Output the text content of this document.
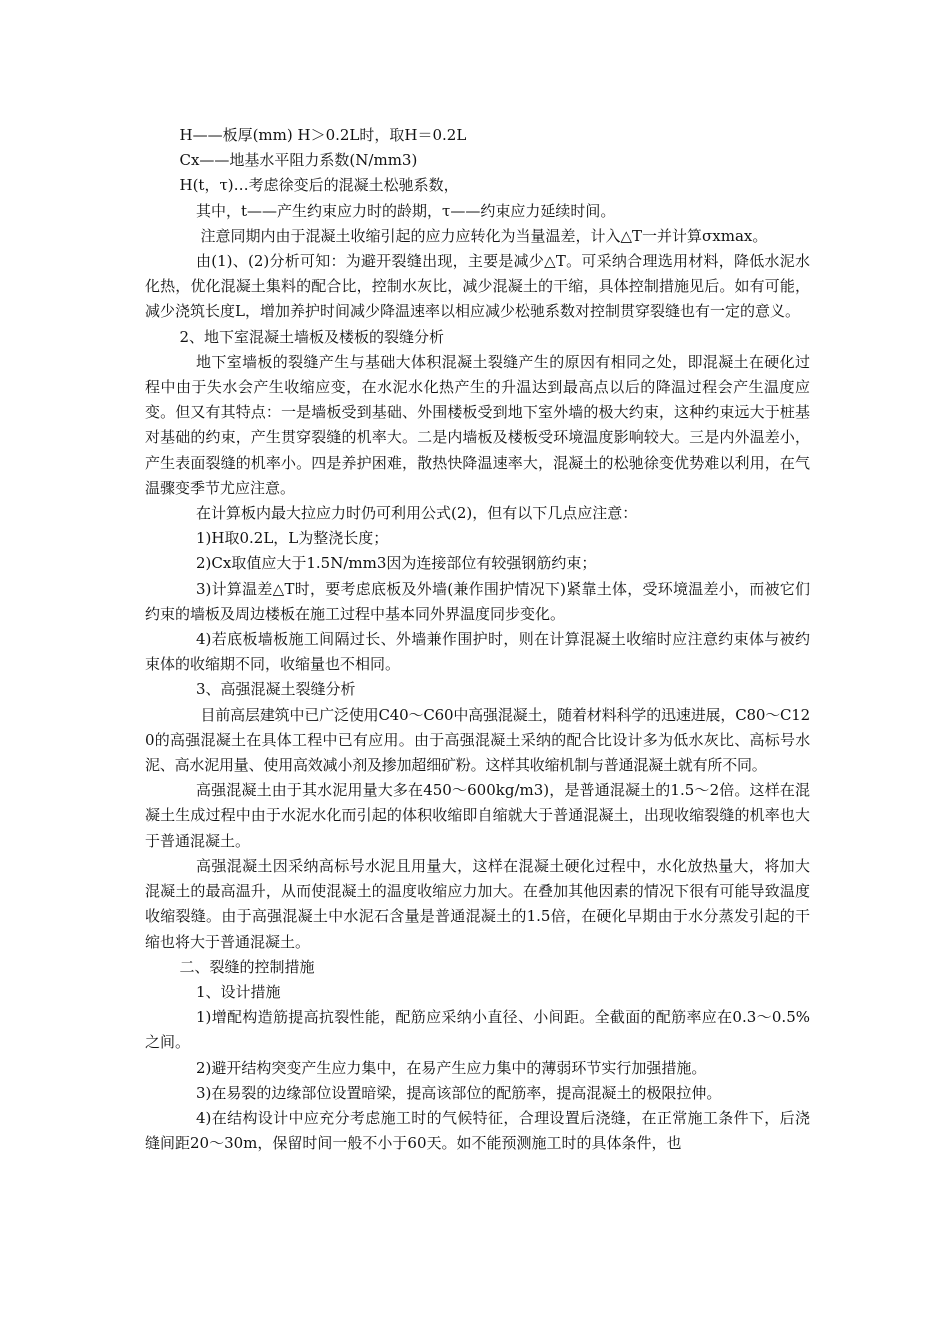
H——板厚(mm) H＞0.2L时，取H＝0.2L

Cx——地基水平阻力系数(N/mm3)

H(t，τ)…考虑徐变后的混凝土松驰系数，

其中，t——产生约束应力时的龄期，τ——约束应力延续时间。

注意同期内由于混凝土收缩引起的应力应转化为当量温差，计入△T一并计算σxmax。

由(1)、(2)分析可知：为避开裂缝出现，主要是减少△T。可采纳合理选用材料，降低水泥水化热，优化混凝土集料的配合比，控制水灰比，减少混凝土的干缩，具体控制措施见后。如有可能，减少浇筑长度L，增加养护时间减少降温速率以相应减少松驰系数对控制贯穿裂缝也有一定的意义。

2、地下室混凝土墙板及楼板的裂缝分析

地下室墙板的裂缝产生与基础大体积混凝土裂缝产生的原因有相同之处，即混凝土在硬化过程中由于失水会产生收缩应变，在水泥水化热产生的升温达到最高点以后的降温过程会产生温度应变。但又有其特点：一是墙板受到基础、外围楼板受到地下室外墙的极大约束，这种约束远大于桩基对基础的约束，产生贯穿裂缝的机率大。二是内墙板及楼板受环境温度影响较大。三是内外温差小，产生表面裂缝的机率小。四是养护困难，散热快降温速率大，混凝土的松驰徐变优势难以利用，在气温骤变季节尤应注意。

在计算板内最大拉应力时仍可利用公式(2)，但有以下几点应注意：

1)H取0.2L，L为整浇长度；

2)Cx取值应大于1.5N/mm3因为连接部位有较强钢筋约束；

3)计算温差△T时，要考虑底板及外墙(兼作围护情况下)紧靠土体，受环境温差小，而被它们约束的墙板及周边楼板在施工过程中基本同外界温度同步变化。

4)若底板墙板施工间隔过长、外墙兼作围护时，则在计算混凝土收缩时应注意约束体与被约束体的收缩期不同，收缩量也不相同。

3、高强混凝土裂缝分析

目前高层建筑中已广泛使用C40～C60中高强混凝土，随着材料科学的迅速进展，C80～C120的高强混凝土在具体工程中已有应用。由于高强混凝土采纳的配合比设计多为低水灰比、高标号水泥、高水泥用量、使用高效减小剂及掺加超细矿粉。这样其收缩机制与普通混凝土就有所不同。

高强混凝土由于其水泥用量大多在450～600kg/m3)，是普通混凝土的1.5～2倍。这样在混凝土生成过程中由于水泥水化而引起的体积收缩即自缩就大于普通混凝土，出现收缩裂缝的机率也大于普通混凝土。

高强混凝土因采纳高标号水泥且用量大，这样在混凝土硬化过程中，水化放热量大，将加大混凝土的最高温升，从而使混凝土的温度收缩应力加大。在叠加其他因素的情况下很有可能导致温度收缩裂缝。由于高强混凝土中水泥石含量是普通混凝土的1.5倍，在硬化早期由于水分蒸发引起的干缩也将大于普通混凝土。

二、裂缝的控制措施

1、设计措施

1)增配构造筋提高抗裂性能，配筋应采纳小直径、小间距。全截面的配筋率应在0.3～0.5%之间。

2)避开结构突变产生应力集中，在易产生应力集中的薄弱环节实行加强措施。

3)在易裂的边缘部位设置暗梁，提高该部位的配筋率，提高混凝土的极限拉伸。

4)在结构设计中应充分考虑施工时的气候特征，合理设置后浇缝，在正常施工条件下，后浇缝间距20～30m，保留时间一般不小于60天。如不能预测施工时的具体条件，也
